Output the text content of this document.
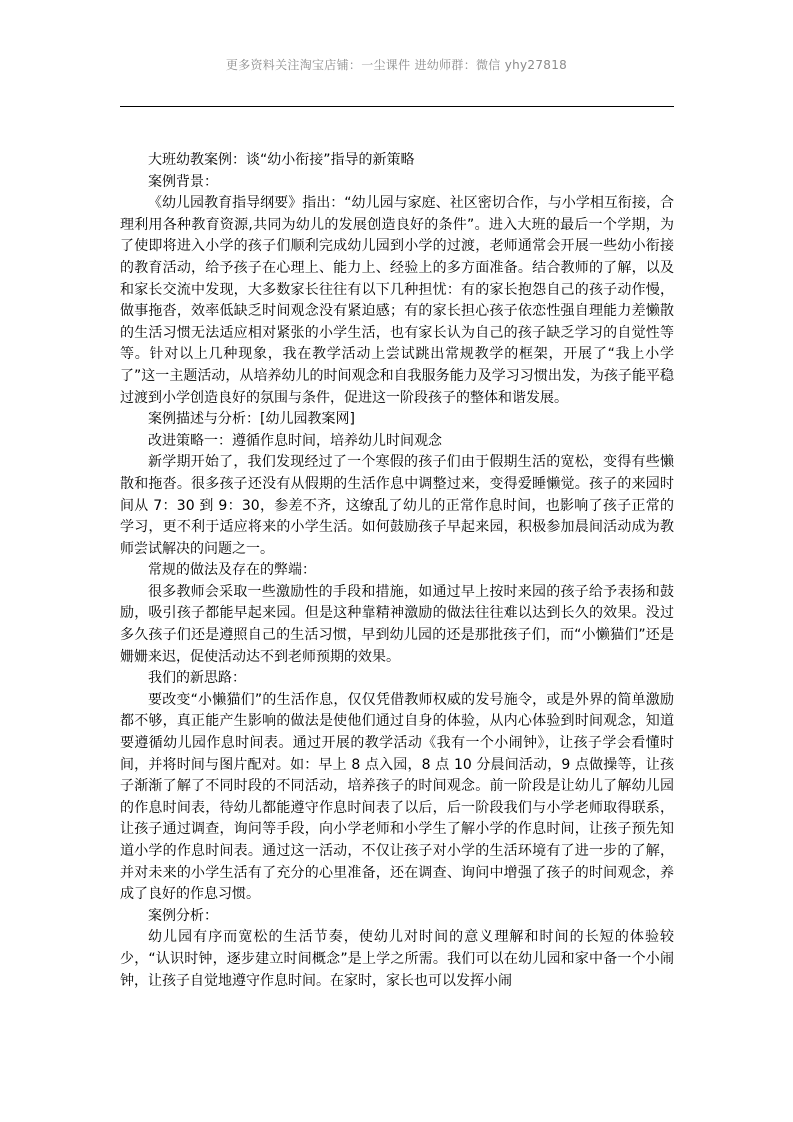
更多资料关注淘宝店铺：一尘课件 进幼师群：微信 yhy27818

大班幼教案例：谈“幼小衔接”指导的新策略

案例背景：

《幼儿园教育指导纲要》指出：“幼儿园与家庭、社区密切合作，与小学相互衔接，合理利用各种教育资源,共同为幼儿的发展创造良好的条件”。进入大班的最后一个学期，为了使即将进入小学的孩子们顺利完成幼儿园到小学的过渡，老师通常会开展一些幼小衔接的教育活动，给予孩子在心理上、能力上、经验上的多方面准备。结合教师的了解，以及和家长交流中发现，大多数家长往往有以下几种担忧：有的家长抱怨自己的孩子动作慢，做事拖沓，效率低缺乏时间观念没有紧迫感；有的家长担心孩子依恋性强自理能力差懒散的生活习惯无法适应相对紧张的小学生活，也有家长认为自己的孩子缺乏学习的自觉性等等。针对以上几种现象，我在教学活动上尝试跳出常规教学的框架，开展了“我上小学了”这一主题活动，从培养幼儿的时间观念和自我服务能力及学习习惯出发，为孩子能平稳过渡到小学创造良好的氛围与条件，促进这一阶段孩子的整体和谐发展。

案例描述与分析：[幼儿园教案网]

改进策略一：遵循作息时间，培养幼儿时间观念

新学期开始了，我们发现经过了一个寒假的孩子们由于假期生活的宽松，变得有些懒散和拖沓。很多孩子还没有从假期的生活作息中调整过来，变得爱睡懒觉。孩子的来园时间从 7：30 到 9：30，参差不齐，这缭乱了幼儿的正常作息时间，也影响了孩子正常的学习，更不利于适应将来的小学生活。如何鼓励孩子早起来园，积极参加晨间活动成为教师尝试解决的问题之一。

常规的做法及存在的弊端：

很多教师会采取一些激励性的手段和措施，如通过早上按时来园的孩子给予表扬和鼓励，吸引孩子都能早起来园。但是这种靠精神激励的做法往往难以达到长久的效果。没过多久孩子们还是遵照自己的生活习惯，早到幼儿园的还是那批孩子们，而“小懒猫们”还是姗姗来迟，促使活动达不到老师预期的效果。

我们的新思路：

要改变“小懒猫们”的生活作息，仅仅凭借教师权威的发号施令，或是外界的简单激励都不够，真正能产生影响的做法是使他们通过自身的体验，从内心体验到时间观念，知道要遵循幼儿园作息时间表。通过开展的教学活动《我有一个小闹钟》，让孩子学会看懂时间，并将时间与图片配对。如：早上 8 点入园，8 点 10 分晨间活动，9 点做操等，让孩子渐渐了解了不同时段的不同活动，培养孩子的时间观念。前一阶段是让幼儿了解幼儿园的作息时间表，待幼儿都能遵守作息时间表了以后，后一阶段我们与小学老师取得联系，让孩子通过调查，询问等手段，向小学老师和小学生了解小学的作息时间，让孩子预先知道小学的作息时间表。通过这一活动，不仅让孩子对小学的生活环境有了进一步的了解，并对未来的小学生活有了充分的心里准备，还在调查、询问中增强了孩子的时间观念，养成了良好的作息习惯。

案例分析：

幼儿园有序而宽松的生活节奏，使幼儿对时间的意义理解和时间的长短的体验较少，“认识时钟，逐步建立时间概念”是上学之所需。我们可以在幼儿园和家中备一个小闹钟，让孩子自觉地遵守作息时间。在家时，家长也可以发挥小闹
